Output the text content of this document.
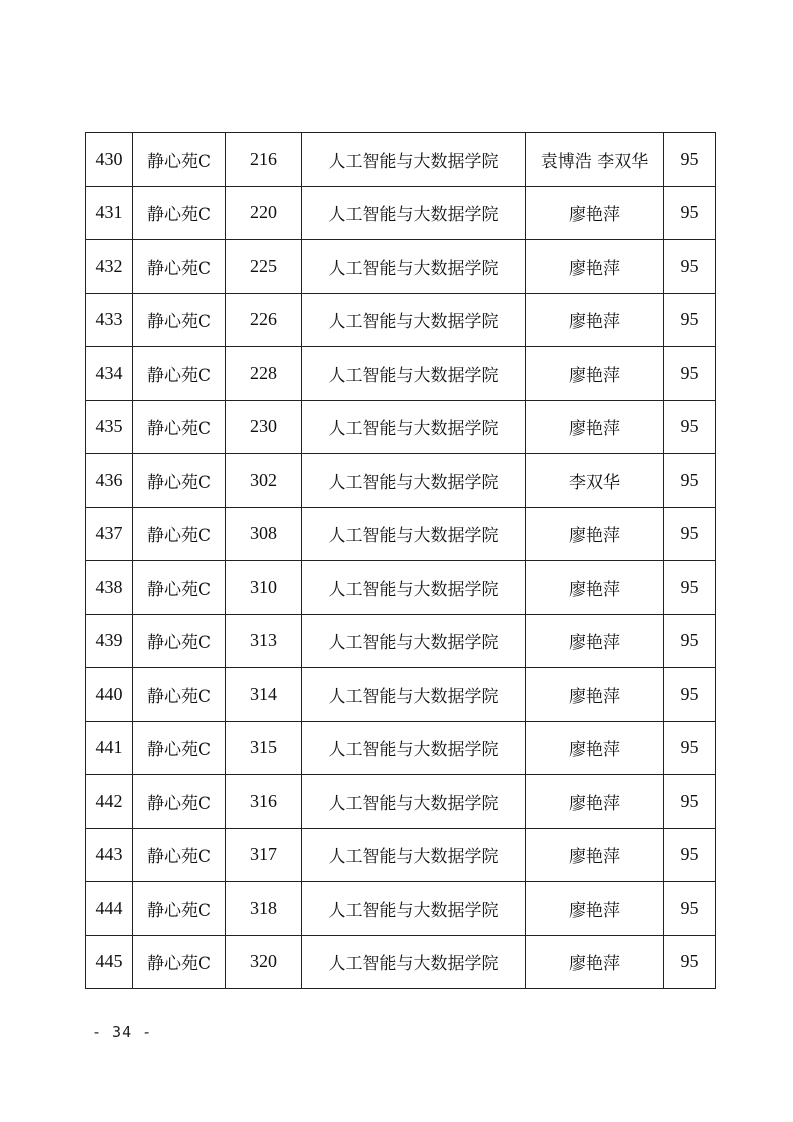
430	静心苑C	216	人工智能与大数据学院	袁博浩 李双华	95
431	静心苑C	220	人工智能与大数据学院	廖艳萍	95
432	静心苑C	225	人工智能与大数据学院	廖艳萍	95
433	静心苑C	226	人工智能与大数据学院	廖艳萍	95
434	静心苑C	228	人工智能与大数据学院	廖艳萍	95
435	静心苑C	230	人工智能与大数据学院	廖艳萍	95
436	静心苑C	302	人工智能与大数据学院	李双华	95
437	静心苑C	308	人工智能与大数据学院	廖艳萍	95
438	静心苑C	310	人工智能与大数据学院	廖艳萍	95
439	静心苑C	313	人工智能与大数据学院	廖艳萍	95
440	静心苑C	314	人工智能与大数据学院	廖艳萍	95
441	静心苑C	315	人工智能与大数据学院	廖艳萍	95
442	静心苑C	316	人工智能与大数据学院	廖艳萍	95
443	静心苑C	317	人工智能与大数据学院	廖艳萍	95
444	静心苑C	318	人工智能与大数据学院	廖艳萍	95
445	静心苑C	320	人工智能与大数据学院	廖艳萍	95
- 34 -
